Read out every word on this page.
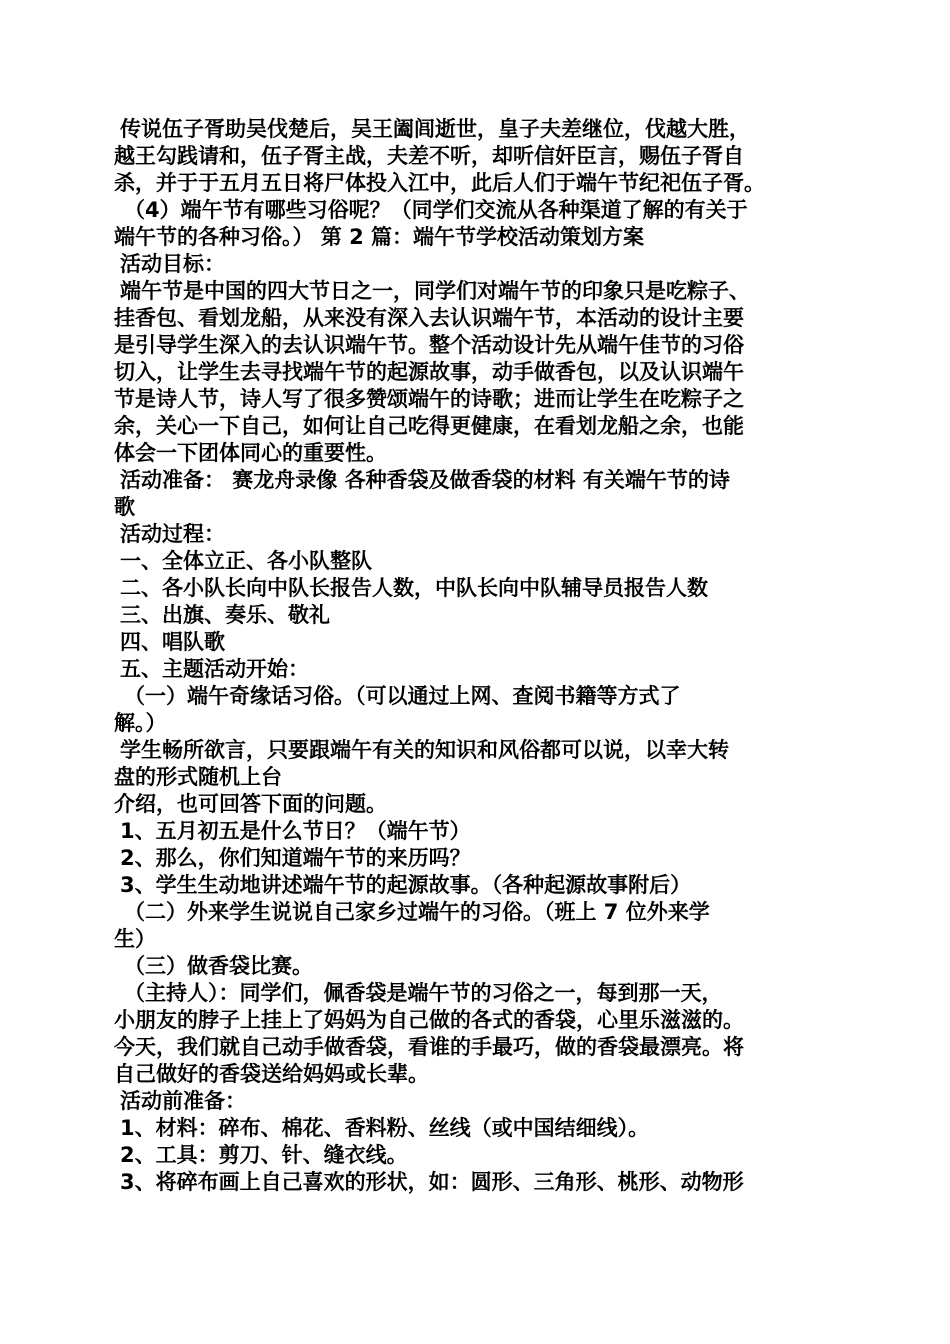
传说伍子胥助吴伐楚后，吴王阖闾逝世，皇子夫差继位，伐越大胜，
越王勾践请和，伍子胥主战，夫差不听，却听信奸臣言，赐伍子胥自
杀，并于于五月五日将尸体投入江中，此后人们于端午节纪祀伍子胥。
（4）端午节有哪些习俗呢？（同学们交流从各种渠道了解的有关于
端午节的各种习俗。） 第 2 篇：端午节学校活动策划方案
活动目标：
端午节是中国的四大节日之一，同学们对端午节的印象只是吃粽子、
挂香包、看划龙船，从来没有深入去认识端午节，本活动的设计主要
是引导学生深入的去认识端午节。整个活动设计先从端午佳节的习俗
切入，让学生去寻找端午节的起源故事，动手做香包，以及认识端午
节是诗人节，诗人写了很多赞颂端午的诗歌；进而让学生在吃粽子之
余，关心一下自己，如何让自己吃得更健康，在看划龙船之余，也能
体会一下团体同心的重要性。
活动准备： 赛龙舟录像 各种香袋及做香袋的材料 有关端午节的诗
歌
活动过程：
一、全体立正、各小队整队
二、各小队长向中队长报告人数，中队长向中队辅导员报告人数
三、出旗、奏乐、敬礼
四、唱队歌
五、主题活动开始：
（一）端午奇缘话习俗。（可以通过上网、查阅书籍等方式了
解。）
学生畅所欲言，只要跟端午有关的知识和风俗都可以说，以幸大转
盘的形式随机上台
介绍，也可回答下面的问题。
1、五月初五是什么节日？（端午节）
2、那么，你们知道端午节的来历吗？
3、学生生动地讲述端午节的起源故事。（各种起源故事附后）
（二）外来学生说说自己家乡过端午的习俗。（班上 7 位外来学
生）
（三）做香袋比赛。
（主持人）：同学们，佩香袋是端午节的习俗之一，每到那一天，
小朋友的脖子上挂上了妈妈为自己做的各式的香袋，心里乐滋滋的。
今天，我们就自己动手做香袋，看谁的手最巧，做的香袋最漂亮。将
自己做好的香袋送给妈妈或长辈。
活动前准备：
1、材料：碎布、棉花、香料粉、丝线（或中国结细线）。
2、工具：剪刀、针、缝衣线。
3、将碎布画上自己喜欢的形状，如：圆形、三角形、桃形、动物形
